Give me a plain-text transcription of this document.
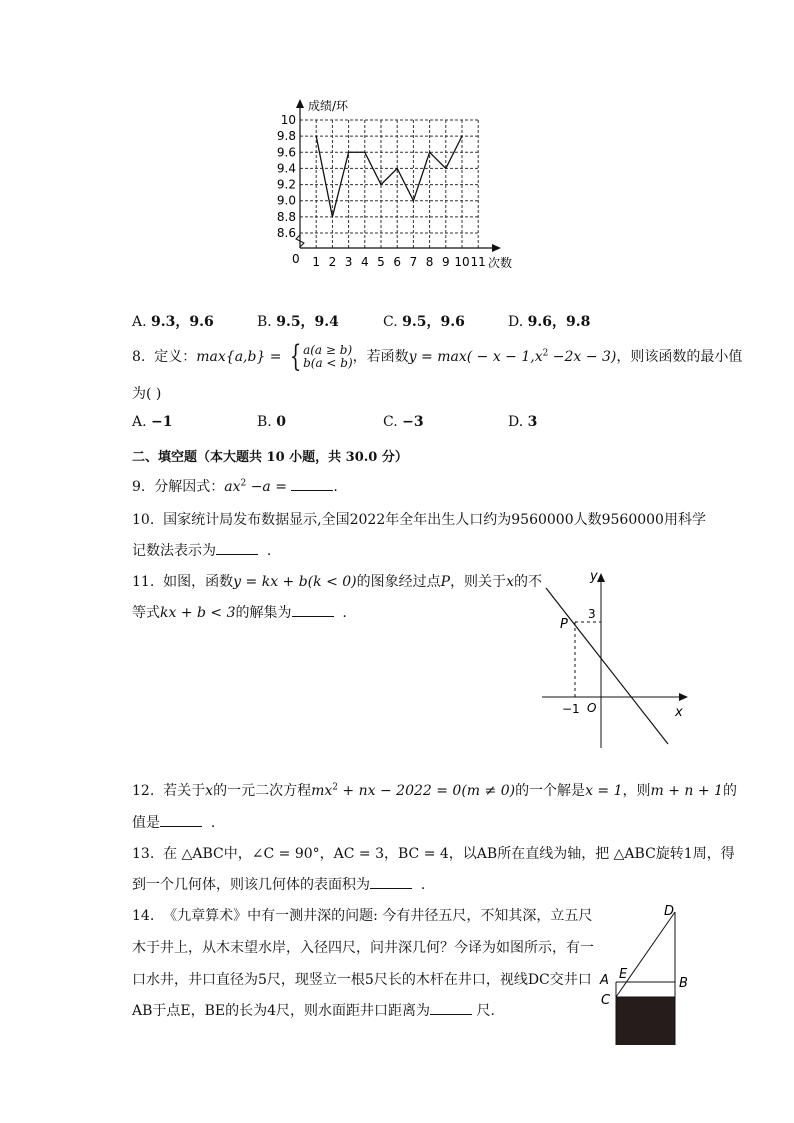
10
9.8
9.6
9.4
9.2
9.0
8.8
8.6
1 2 3 4 5 6 7 8 9 10 11
成绩/环
次数
0
A. 9.3，9.6	B. 9.5，9.4	C. 9.5，9.6	D. 9.6，9.8
8. 定义：max{a,b} = { a(a ≥ b)
b(a < b) ，若函数$y = \max( - x - 1,x^2 -2x - 3)$，则该函数的最小值
为( )
A. −1	B. 0	C. −3	D. 3
二、填空题（本大题共 10 小题，共 30.0 分）
9. 分解因式：$ax^2 -a$ =	.
10. 国家统计局发布数据显示,全国2022年全年出生人口约为9560000人数9560000用科学
记数法表示为	.
11. 如图，函数y = kx + b(k < 0)的图象经过点P，则关于x的不
等式kx + b < 3的解集为	.
y
x
O
P
3
−1
12. 若关于x的一元二次方程$mx^2$ + nx − 2022 = 0(m ≠ 0)的一个解是x = 1，则m + n + 1的
值是	.
13. 在 △ABC中，∠C = 90°，AC = 3，BC = 4，以AB所在直线为轴，把 △ABC旋转1周，得
到一个几何体，则该几何体的表面积为	.
14. 《九章算术》中有一测井深的问题: 今有井径五尺，不知其深，立五尺
木于井上，从木末望水岸，入径四尺，问井深几何？今译为如图所示，有一
口水井，井口直径为5尺，现竖立一根5尺长的木杆在井口，视线DC交井口
AB于点E，BE的长为4尺，则水面距井口距离为	尺.
D
A E
B
C
